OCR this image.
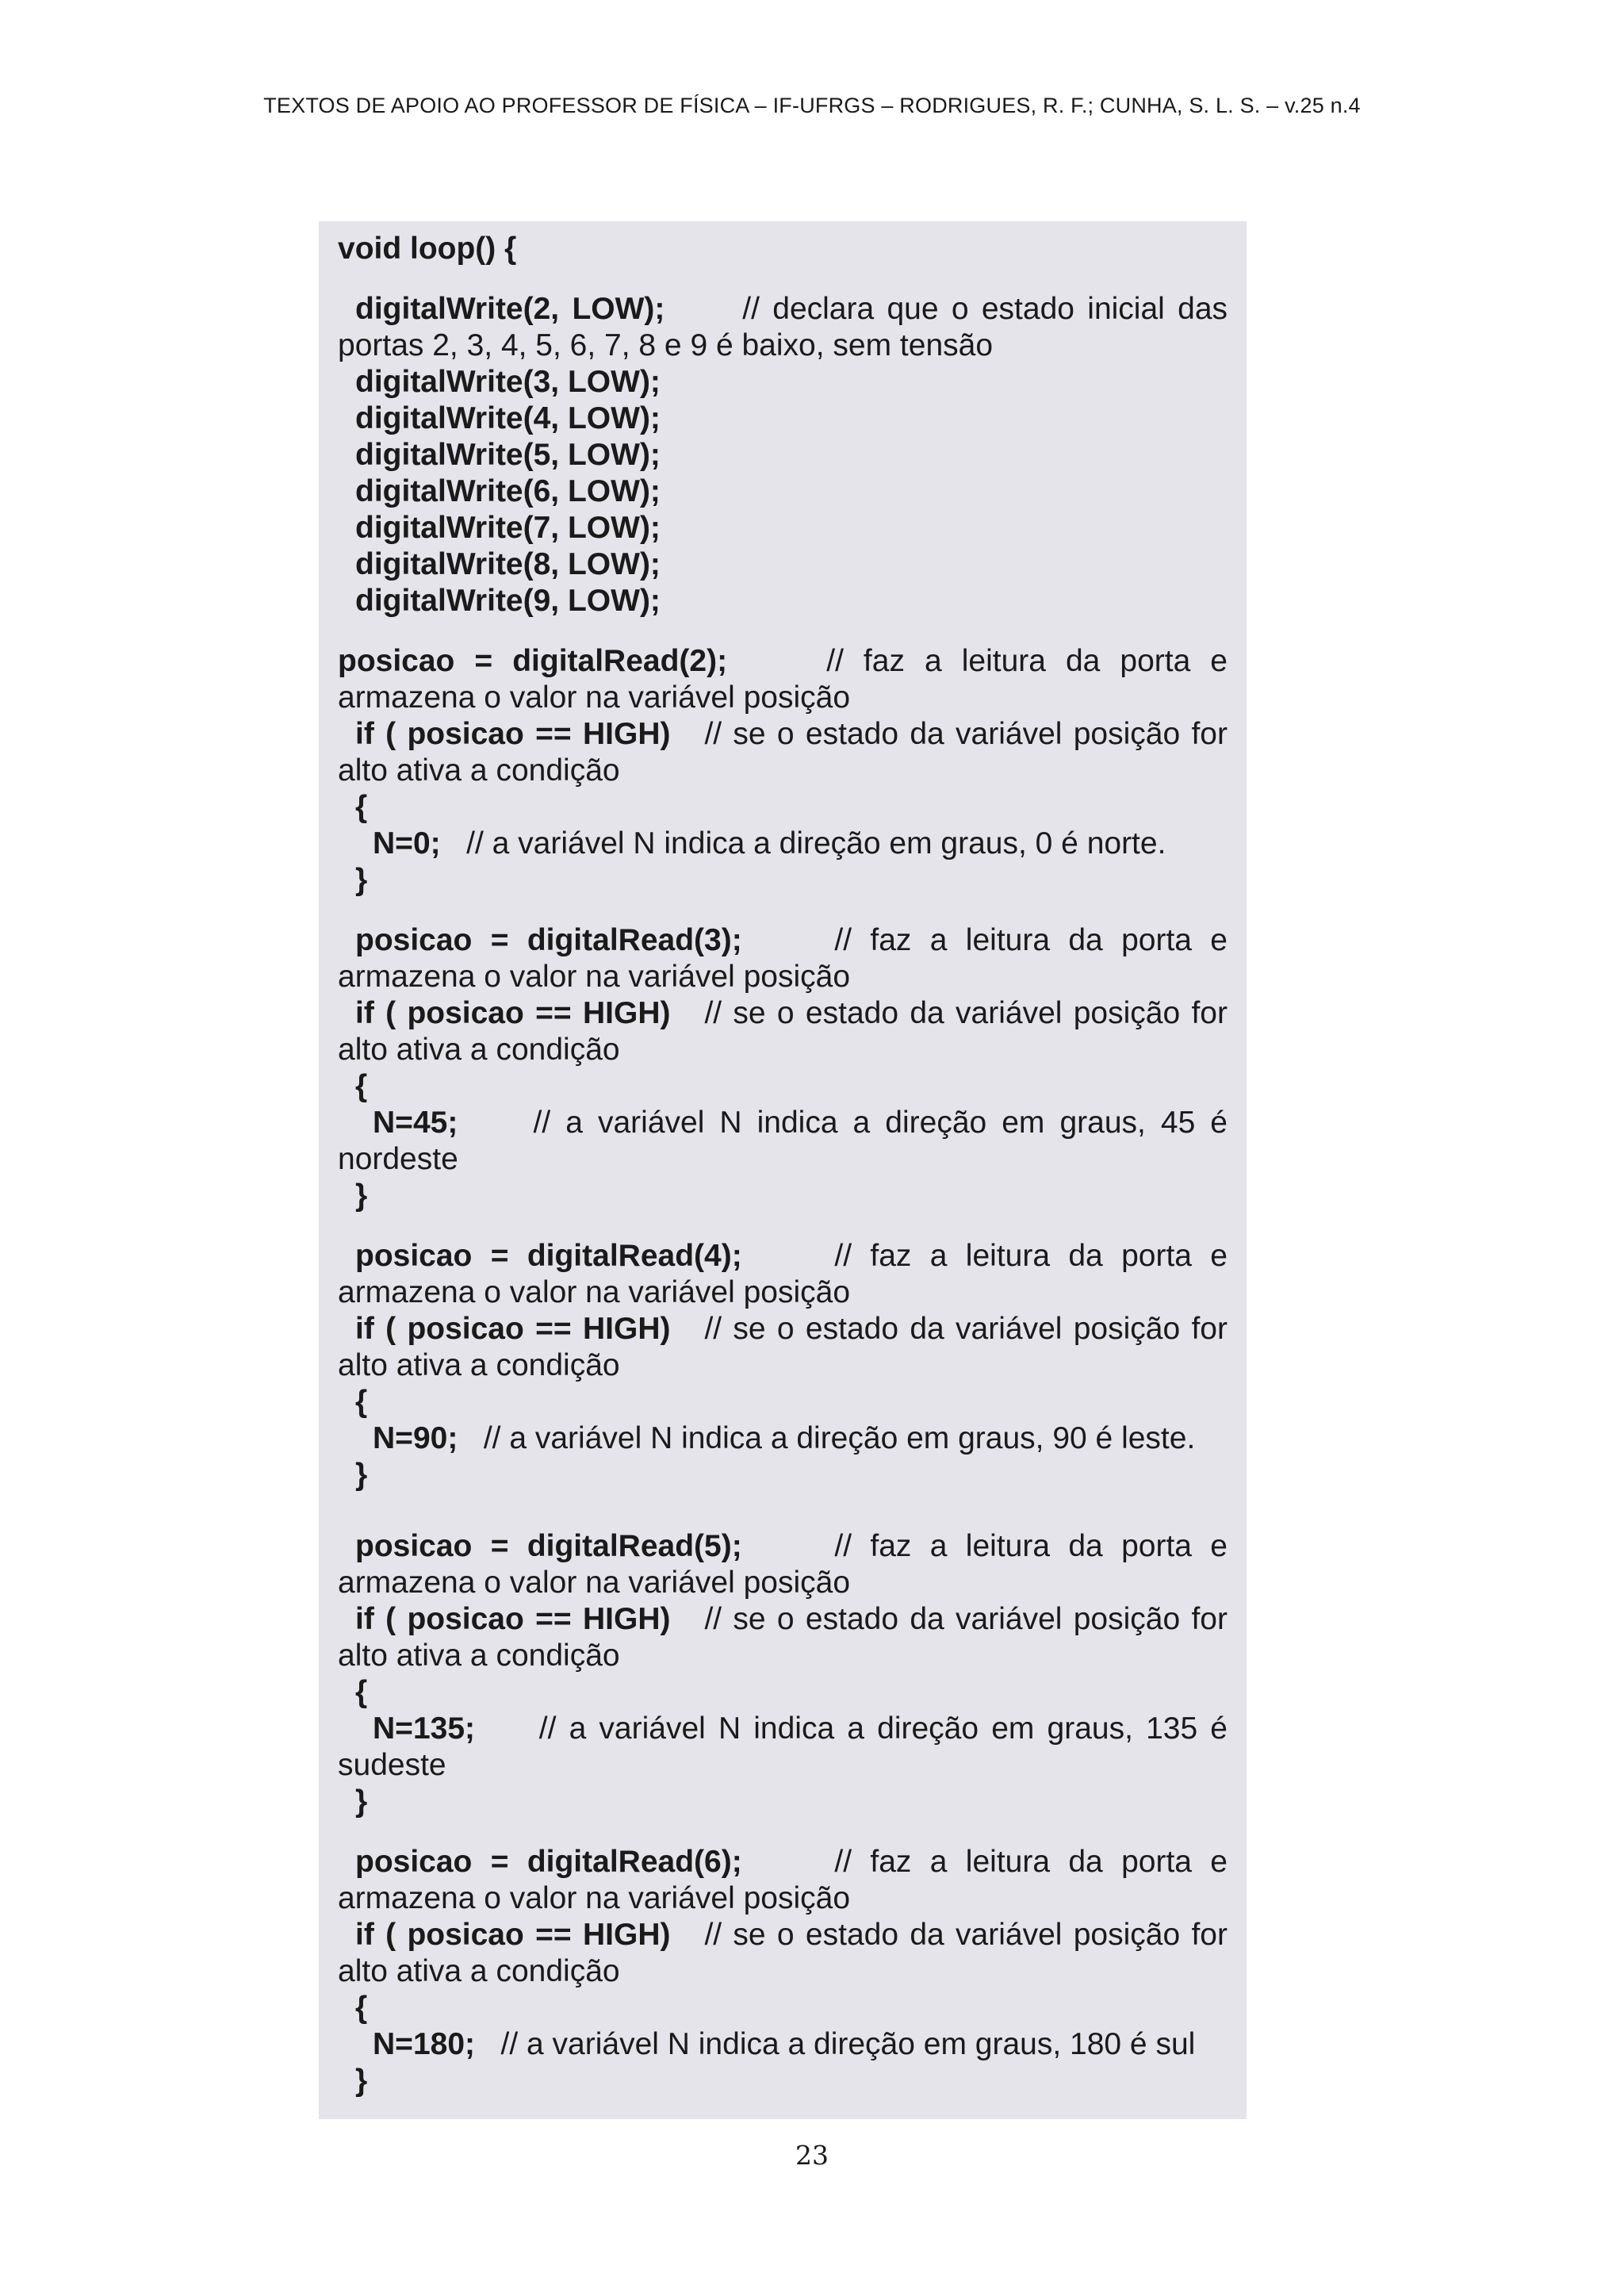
TEXTOS DE APOIO AO PROFESSOR DE FÍSICA – IF-UFRGS – RODRIGUES, R. F.; CUNHA, S. L. S. – v.25 n.4
void loop() {
digitalWrite(2, LOW);	// declara que o estado inicial das
portas 2, 3, 4, 5, 6, 7, 8 e 9 é baixo, sem tensão
digitalWrite(3, LOW);
digitalWrite(4, LOW);
digitalWrite(5, LOW);
digitalWrite(6, LOW);
digitalWrite(7, LOW);
digitalWrite(8, LOW);
digitalWrite(9, LOW);
posicao = digitalRead(2);	// faz a leitura da porta e
armazena o valor na variável posição
if ( posicao == HIGH) // se o estado da variável posição for
alto ativa a condição
{
N=0; // a variável N indica a direção em graus, 0 é norte.
}
posicao = digitalRead(3);	// faz a leitura da porta e
armazena o valor na variável posição
if ( posicao == HIGH) // se o estado da variável posição for
alto ativa a condição
{
N=45; // a variável N indica a direção em graus, 45 é
nordeste
}
posicao = digitalRead(4);	// faz a leitura da porta e
armazena o valor na variável posição
if ( posicao == HIGH) // se o estado da variável posição for
alto ativa a condição
{
N=90; // a variável N indica a direção em graus, 90 é leste.
}
posicao = digitalRead(5);	// faz a leitura da porta e
armazena o valor na variável posição
if ( posicao == HIGH) // se o estado da variável posição for
alto ativa a condição
{
N=135; // a variável N indica a direção em graus, 135 é
sudeste
}
posicao = digitalRead(6);	// faz a leitura da porta e
armazena o valor na variável posição
if ( posicao == HIGH) // se o estado da variável posição for
alto ativa a condição
{
N=180; // a variável N indica a direção em graus, 180 é sul
}
23
